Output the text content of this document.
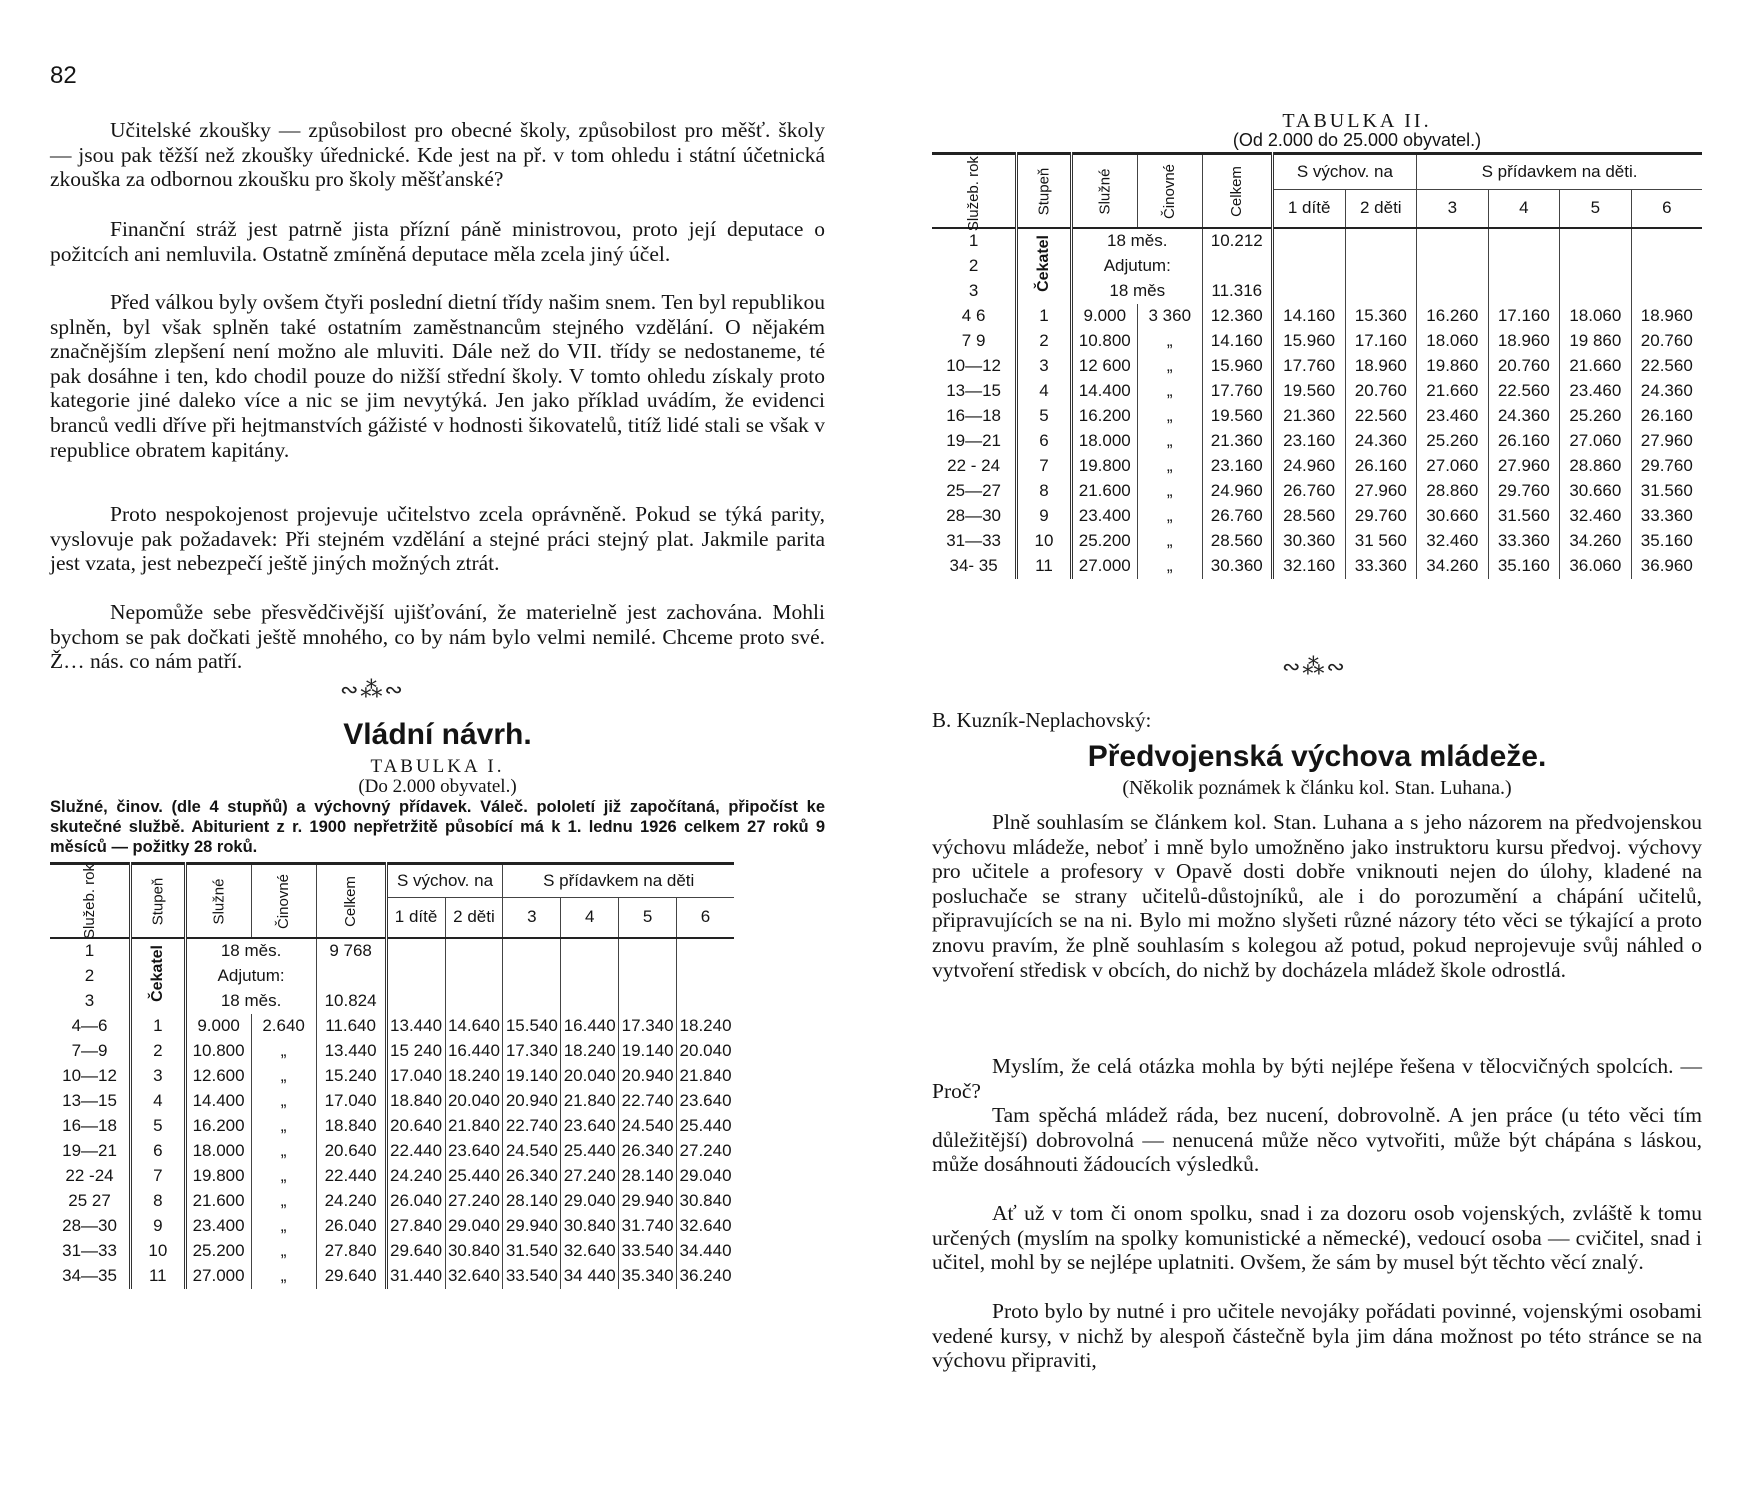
82

Učitelské zkoušky — způsobilost pro obecné školy, způsobilost pro měšť. školy — jsou pak těžší než zkoušky úřednické. Kde jest na př. v tom ohledu i státní účetnická zkouška za odbornou zkoušku pro školy měšťanské?

Finanční stráž jest patrně jista přízní páně ministrovou, proto její deputace o požitcích ani nemluvila. Ostatně zmíněná deputace měla zcela jiný účel.

Před válkou byly ovšem čtyři poslední dietní třídy našim snem. Ten byl republikou splněn, byl však splněn také ostatním zaměstnancům stejného vzdělání. O nějakém značnějším zlepšení není možno ale mluviti. Dále než do VII. třídy se nedostaneme, té pak dosáhne i ten, kdo chodil pouze do nižší střední školy. V tomto ohledu získaly proto kategorie jiné daleko více a nic se jim nevytýká. Jen jako příklad uvádím, že evidenci branců vedli dříve při hejtmanstvích gážisté v hodnosti šikovatelů, titíž lidé stali se však v republice obratem kapitány.

Proto nespokojenost projevuje učitelstvo zcela oprávněně. Pokud se týká parity, vyslovuje pak požadavek: Při stejném vzdělání a stejné práci stejný plat. Jakmile parita jest vzata, jest nebezpečí ještě jiných možných ztrát.

Nepomůže sebe přesvědčivější ujišťování, že materielně jest zachována. Mohli bychom se pak dočkati ještě mnohého, co by nám bylo velmi nemilé. Chceme proto své. Ž… nás. co nám patří.

∾⁂∾
Vládní návrh.
TABULKA I.
(Do 2.000 obyvatel.)
Služné, činov. (dle 4 stupňů) a výchovný přídavek. Váleč. pololetí již započítaná, připočíst ke skutečné službě. Abiturient z r. 1900 nepřetržitě působící má k 1. lednu 1926 celkem 27 roků 9 měsíců — požitky 28 roků.
Služeb. rok	Stupeň	Služné	Činovné	Celkem	S výchov. na		S přídavkem na děti			
					1 dítě	2 děti	3	4	5	6
1	Čekatel	18 měs.		9 768						
2		Adjutum:								
3		18 měs.		10.824						
4—6	1	9.000	2.640	11.640	13.440	14.640	15.540	16.440	17.340	18.240
7—9	2	10.800	„	13.440	15 240	16.440	17.340	18.240	19.140	20.040
10—12	3	12.600	„	15.240	17.040	18.240	19.140	20.040	20.940	21.840
13—15	4	14.400	„	17.040	18.840	20.040	20.940	21.840	22.740	23.640
16—18	5	16.200	„	18.840	20.640	21.840	22.740	23.640	24.540	25.440
19—21	6	18.000	„	20.640	22.440	23.640	24.540	25.440	26.340	27.240
22 -24	7	19.800	„	22.440	24.240	25.440	26.340	27.240	28.140	29.040
25 27	8	21.600	„	24.240	26.040	27.240	28.140	29.040	29.940	30.840
28—30	9	23.400	„	26.040	27.840	29.040	29.940	30.840	31.740	32.640
31—33	10	25.200	„	27.840	29.640	30.840	31.540	32.640	33.540	34.440
34—35	11	27.000	„	29.640	31.440	32.640	33.540	34 440	35.340	36.240
TABULKA II.
(Od 2.000 do 25.000 obyvatel.)
Služeb. rok.	Stupeň	Služné	Činovné	Celkem	S výchov. na		S přídavkem na děti.			
					1 dítě	2 děti	3	4	5	6
1	Čekatel	18 měs.		10.212						
2		Adjutum:								
3		18 měs		11.316						
4 6	1	9.000	3 360	12.360	14.160	15.360	16.260	17.160	18.060	18.960
7 9	2	10.800	„	14.160	15.960	17.160	18.060	18.960	19 860	20.760
10—12	3	12 600	„	15.960	17.760	18.960	19.860	20.760	21.660	22.560
13—15	4	14.400	„	17.760	19.560	20.760	21.660	22.560	23.460	24.360
16—18	5	16.200	„	19.560	21.360	22.560	23.460	24.360	25.260	26.160
19—21	6	18.000	„	21.360	23.160	24.360	25.260	26.160	27.060	27.960
22 - 24	7	19.800	„	23.160	24.960	26.160	27.060	27.960	28.860	29.760
25—27	8	21.600	„	24.960	26.760	27.960	28.860	29.760	30.660	31.560
28—30	9	23.400	„	26.760	28.560	29.760	30.660	31.560	32.460	33.360
31—33	10	25.200	„	28.560	30.360	31 560	32.460	33.360	34.260	35.160
34- 35	11	27.000	„	30.360	32.160	33.360	34.260	35.160	36.060	36.960
∾⁂∾
B. Kuzník-Neplachovský:
Předvojenská výchova mládeže.
(Několik poznámek k článku kol. Stan. Luhana.)

Plně souhlasím se článkem kol. Stan. Luhana a s jeho názorem na předvojenskou výchovu mládeže, neboť i mně bylo umožněno jako instruktoru kursu předvoj. výchovy pro učitele a profesory v Opavě dosti dobře vniknouti nejen do úlohy, kladené na posluchače se strany učitelů-důstojníků, ale i do porozumění a chápání učitelů, připravujících se na ni. Bylo mi možno slyšeti různé názory této věci se týkající a proto znovu pravím, že plně souhlasím s kolegou až potud, pokud neprojevuje svůj náhled o vytvoření středisk v obcích, do nichž by docházela mládež škole odrostlá.

Myslím, že celá otázka mohla by býti nejlépe řešena v tělocvičných spolcích. — Proč?

Tam spěchá mládež ráda, bez nucení, dobrovolně. A jen práce (u této věci tím důležitější) dobrovolná — nenucená může něco vytvořiti, může být chápána s láskou, může dosáhnouti žádoucích výsledků.

Ať už v tom či onom spolku, snad i za dozoru osob vojenských, zvláště k tomu určených (myslím na spolky komunistické a německé), vedoucí osoba — cvičitel, snad i učitel, mohl by se nejlépe uplatniti. Ovšem, že sám by musel být těchto věcí znalý.

Proto bylo by nutné i pro učitele nevojáky pořádati povinné, vojenskými osobami vedené kursy, v nichž by alespoň částečně byla jim dána možnost po této stránce se na výchovu připraviti,
